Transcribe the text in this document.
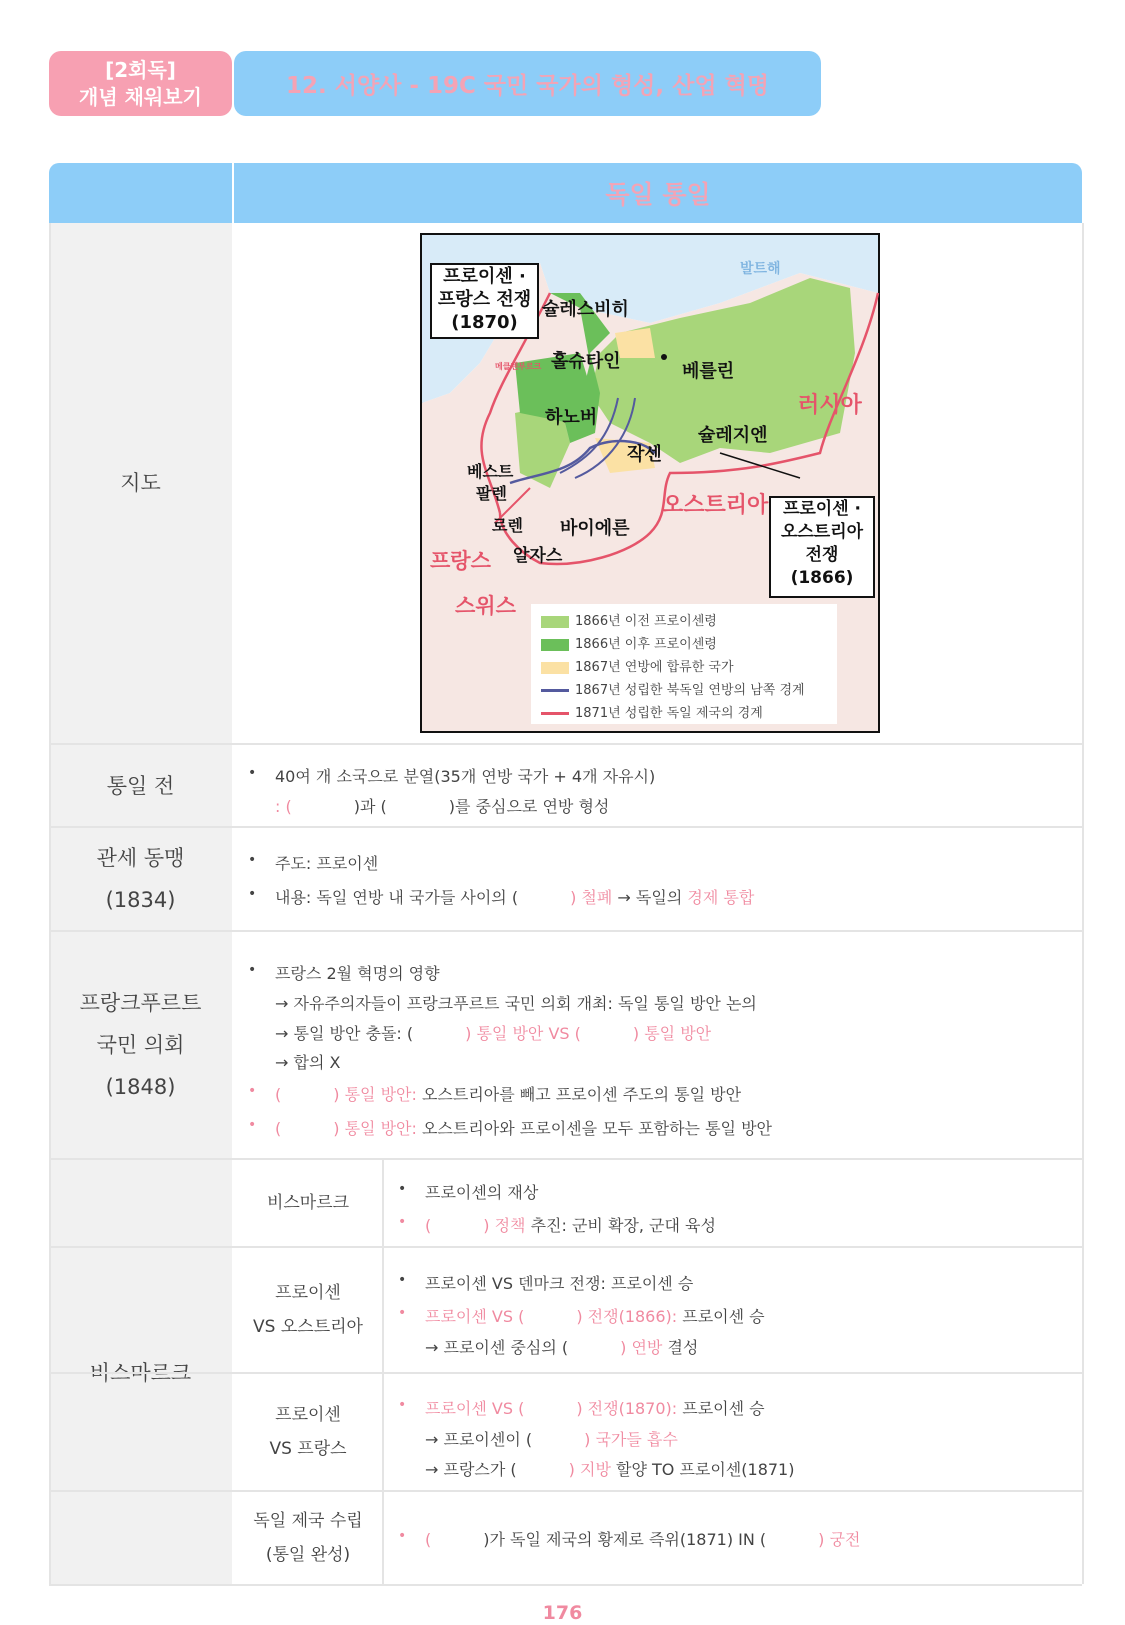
[2회독]
개념 채워보기	12. 서양사 - 19C 국민 국가의 형성, 산업 혁명
독일 통일
지도
프로이센 ·
프랑스 전쟁
(1870)
프로이센 ·
오스트리아
전쟁
(1866)
슐레스비히
홀슈타인	베를린
하노버
슐레지엔
작센
베스트
팔렌
로렌 바이에른
알자스
발트해
메클렌부르크
러시아
오스트리아
프랑스
스위스
1866년 이전 프로이센령
1866년 이후 프로이센령
1867년 연방에 합류한 국가
1867년 성립한 북독일 연방의 남쪽 경계
1871년 성립한 독일 제국의 경계
통일 전
• 40여 개 소국으로 분열(35개 연방 국가 + 4개 자유시)
: (	)과 (	)를 중심으로 연방 형성
관세 동맹
(1834)
• 주도: 프로이센
• 내용: 독일 연방 내 국가들 사이의 (	) 철폐 → 독일의 경제 통합
프랑크푸르트
국민 의회
(1848)
• 프랑스 2월 혁명의 영향
→ 자유주의자들이 프랑크푸르트 국민 의회 개최: 독일 통일 방안 논의
→ 통일 방안 충돌: (	) 통일 방안 VS (	) 통일 방안
→ 합의 X
• (	) 통일 방안: 오스트리아를 빼고 프로이센 주도의 통일 방안
• (	) 통일 방안: 오스트리아와 프로이센을 모두 포함하는 통일 방안
비스마르크
비스마르크
• 프로이센의 재상
• (	) 정책 추진: 군비 확장, 군대 육성
프로이센
VS 오스트리아
• 프로이센 VS 덴마크 전쟁: 프로이센 승
• 프로이센 VS (	) 전쟁(1866): 프로이센 승
→ 프로이센 중심의 (	) 연방 결성
프로이센
VS 프랑스
• 프로이센 VS (	) 전쟁(1870): 프로이센 승
→ 프로이센이 (	) 국가들 흡수
→ 프랑스가 (	) 지방 할양 TO 프로이센(1871)
독일 제국 수립
(통일 완성)
• (	)가 독일 제국의 황제로 즉위(1871) IN (	) 궁전
176
